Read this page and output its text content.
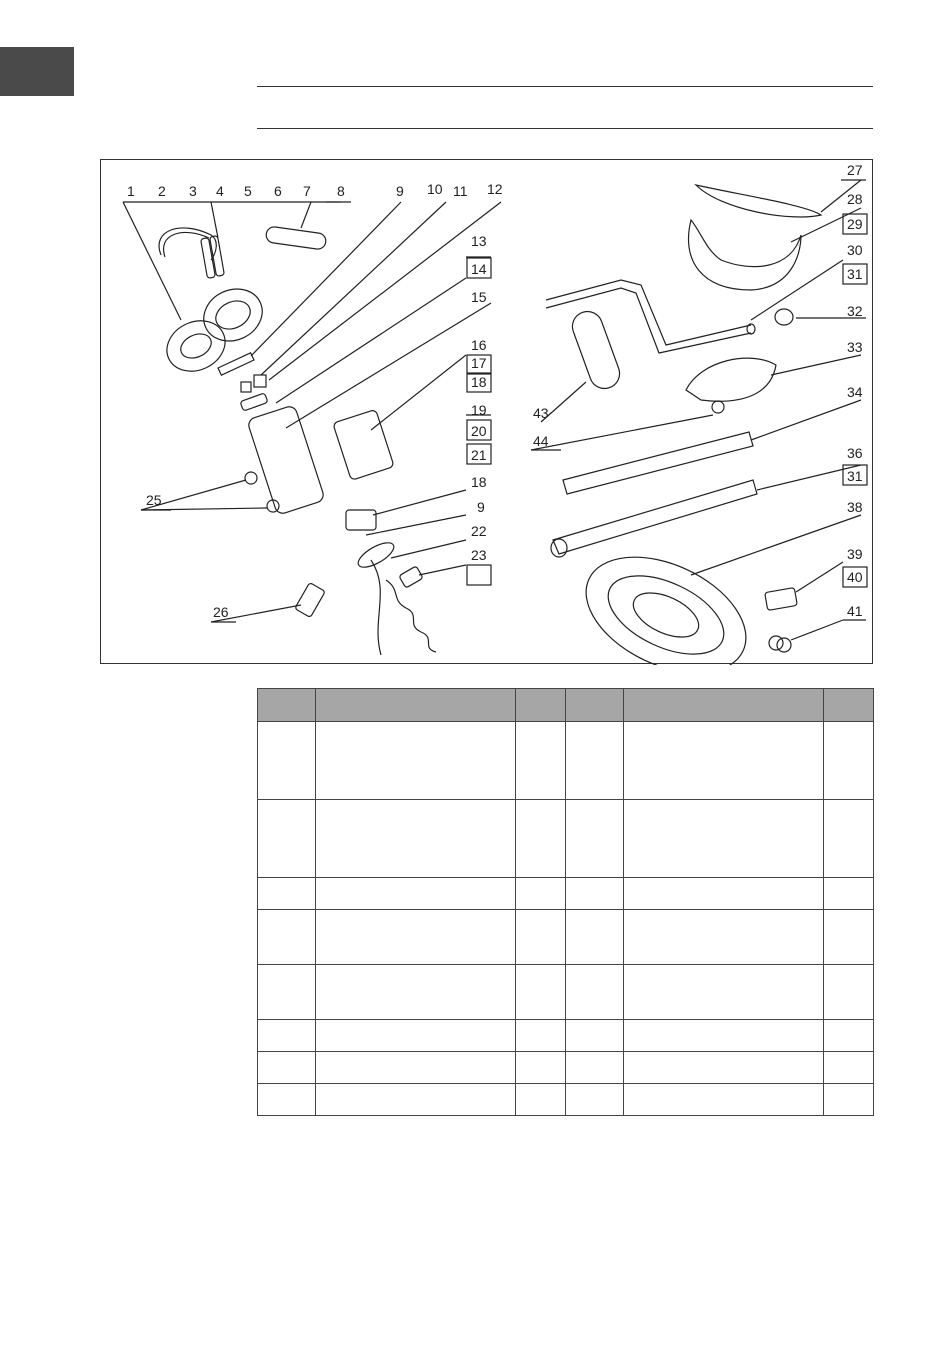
1 2 3 4 5 6 7 8	9 10 11 12
13
14
15
16
17
18
19
20
21
18
9
22
23
25
26
27
28
29
30
31
32
33
34
36
31
38
39
40
41
43
44
